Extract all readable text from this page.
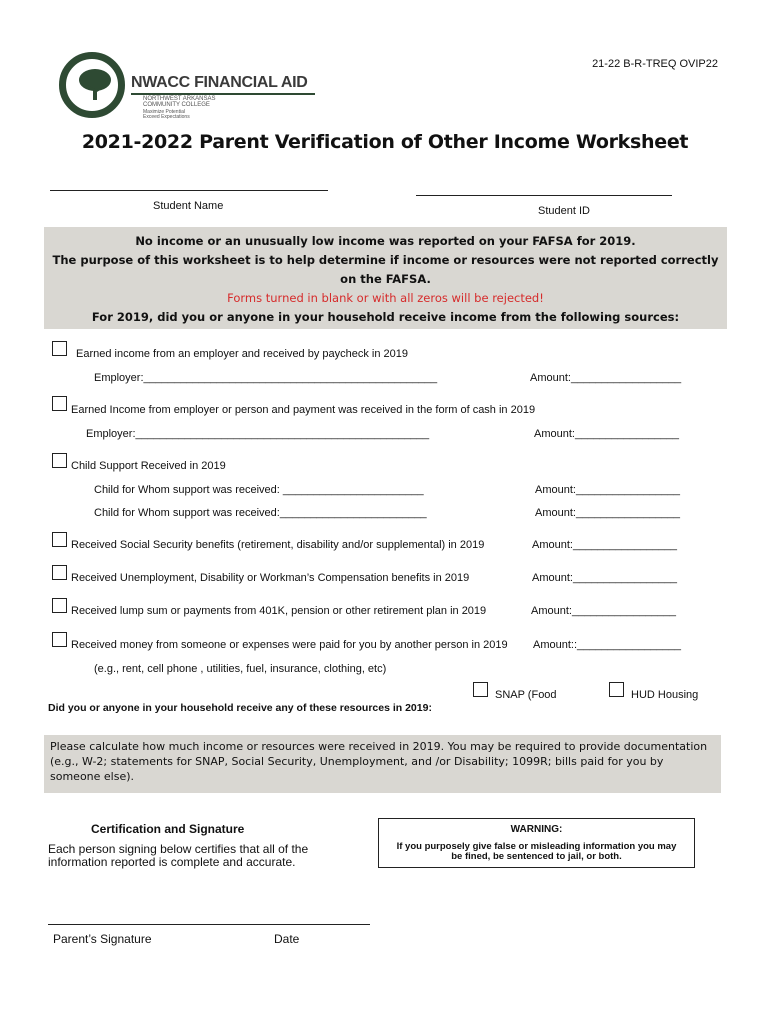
NWACC FINANCIAL AID
NORTHWEST ARKANSAS
COMMUNITY COLLEGE
Maximize Potential
Exceed Expectations
21-22 B-R-TREQ OVIP22
2021-2022 Parent Verification of Other Income Worksheet
Student Name	Student ID
No income or an unusually low income was reported on your FAFSA for 2019.
The purpose of this worksheet is to help determine if income or resources were not reported correctly on the FAFSA.
Forms turned in blank or with all zeros will be rejected!
For 2019, did you or anyone in your household receive income from the following sources:
Earned income from an employer and received by paycheck in 2019
Employer:________________________________________________	Amount:__________________
Earned Income from employer or person and payment was received in the form of cash in 2019
Employer:________________________________________________	Amount:_________________
Child Support Received in 2019
Child for Whom support was received: _______________________	Amount:_________________
Child for Whom support was received:________________________	Amount:_________________
Received Social Security benefits (retirement, disability and/or supplemental) in 2019	Amount:_________________
Received Unemployment, Disability or Workman’s Compensation benefits in 2019	Amount:_________________
Received lump sum or payments from 401K, pension or other retirement plan in 2019	Amount:_________________
Received money from someone or expenses were paid for you by another person in 2019 Amount::_________________
(e.g., rent, cell phone , utilities, fuel, insurance, clothing, etc)
Did you or anyone in your household receive any of these resources in 2019:
SNAP (Food	HUD Housing
Please calculate how much income or resources were received in 2019. You may be required to provide documentation (e.g., W-2; statements for SNAP, Social Security, Unemployment, and /or Disability; 1099R; bills paid for you by someone else).
Certification and Signature
Each person signing below certifies that all of the
information reported is complete and accurate.
WARNING:
If you purposely give false or misleading information you may
be fined, be sentenced to jail, or both.
Parent’s Signature	Date
